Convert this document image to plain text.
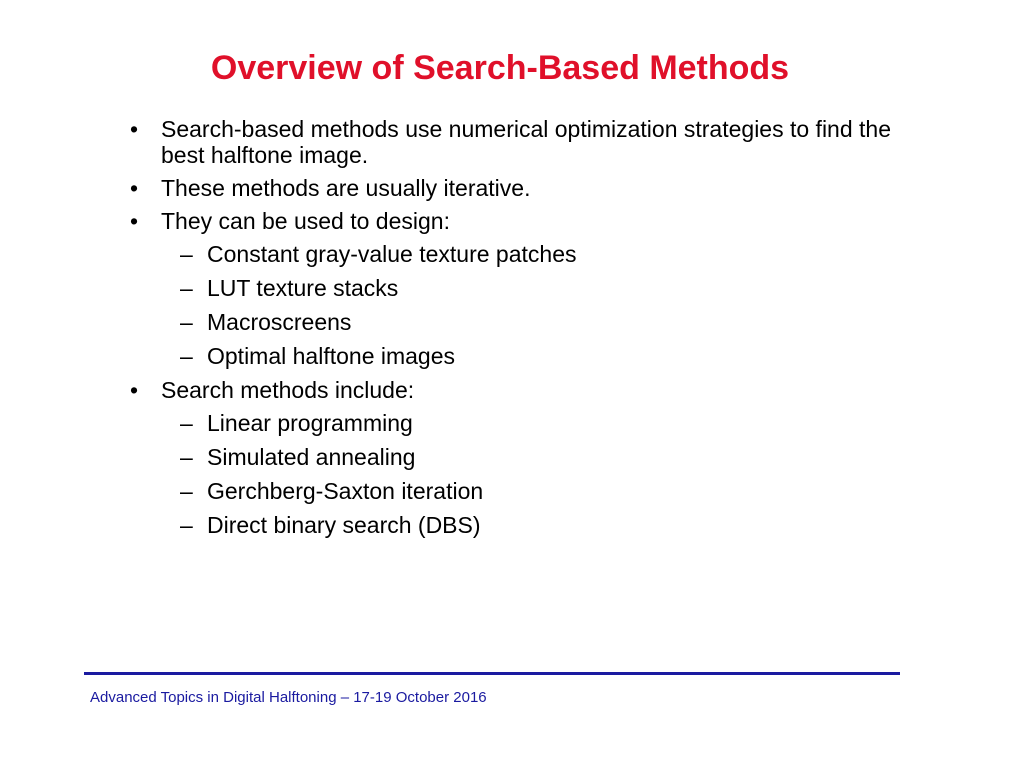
Overview of Search-Based Methods
• Search-based methods use numerical optimization strategies to find the best halftone image.
• These methods are usually iterative.
• They can be used to design:
– Constant gray-value texture patches
– LUT texture stacks
– Macroscreens
– Optimal halftone images
• Search methods include:
– Linear programming
– Simulated annealing
– Gerchberg-Saxton iteration
– Direct binary search (DBS)
Advanced Topics in Digital Halftoning – 17-19 October 2016
